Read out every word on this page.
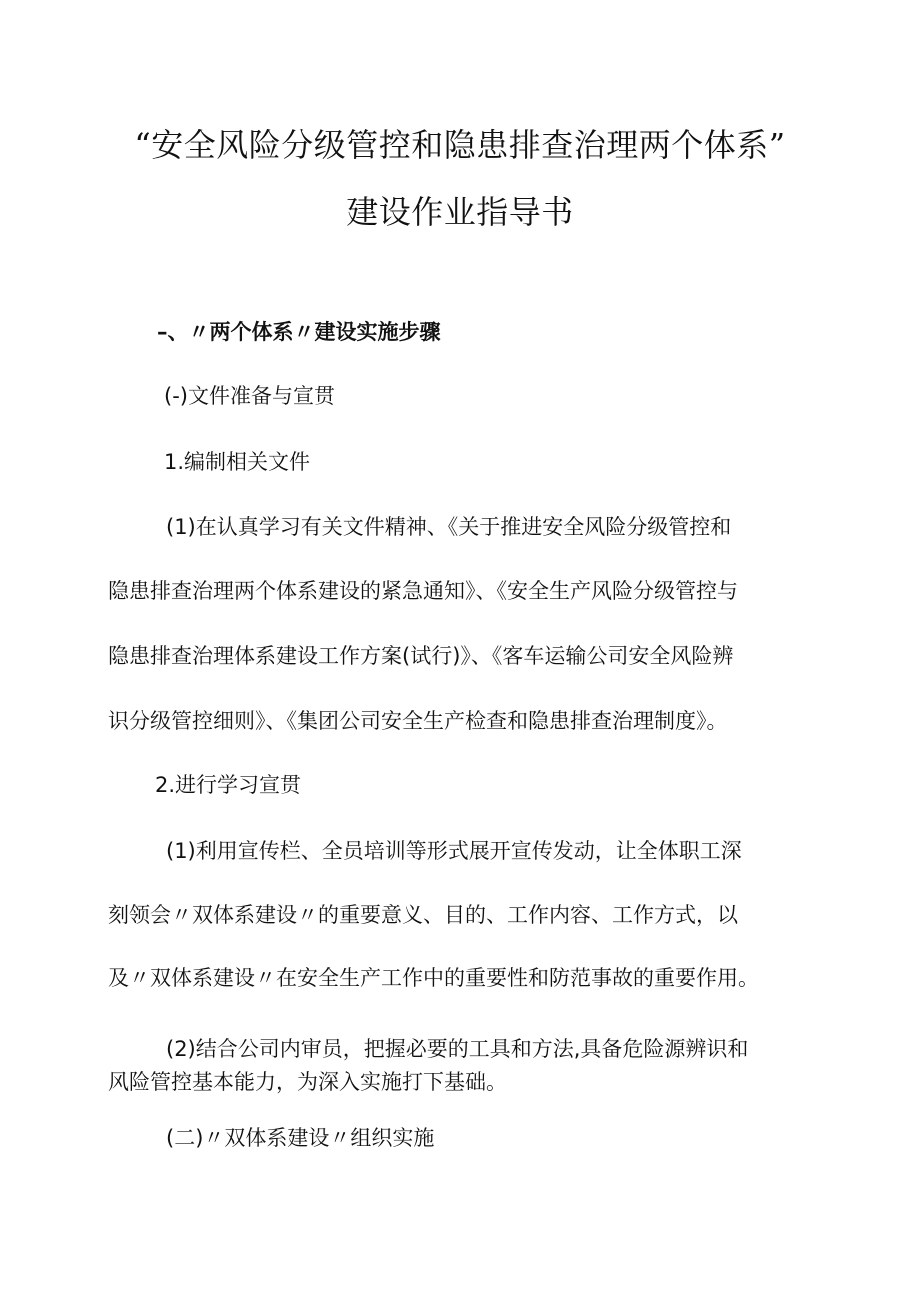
“安全风险分级管控和隐患排查治理两个体系”
建设作业指导书
–、〃两个体系〃建设实施步骤
(-)文件准备与宣贯
1.编制相关文件
(1)在认真学习有关文件精神、《关于推进安全风险分级管控和
隐患排查治理两个体系建设的紧急通知》、《安全生产风险分级管控与
隐患排查治理体系建设工作方案(试行)》、《客车运输公司安全风险辨
识分级管控细则》、《集团公司安全生产检查和隐患排查治理制度》。
2.进行学习宣贯
(1)利用宣传栏、全员培训等形式展开宣传发动，让全体职工深
刻领会〃双体系建设〃的重要意义、目的、工作内容、工作方式，以
及〃双体系建设〃在安全生产工作中的重要性和防范事故的重要作用。
(2)结合公司内审员，把握必要的工具和方法,具备危险源辨识和
风险管控基本能力，为深入实施打下基础。
(二)〃双体系建设〃组织实施
